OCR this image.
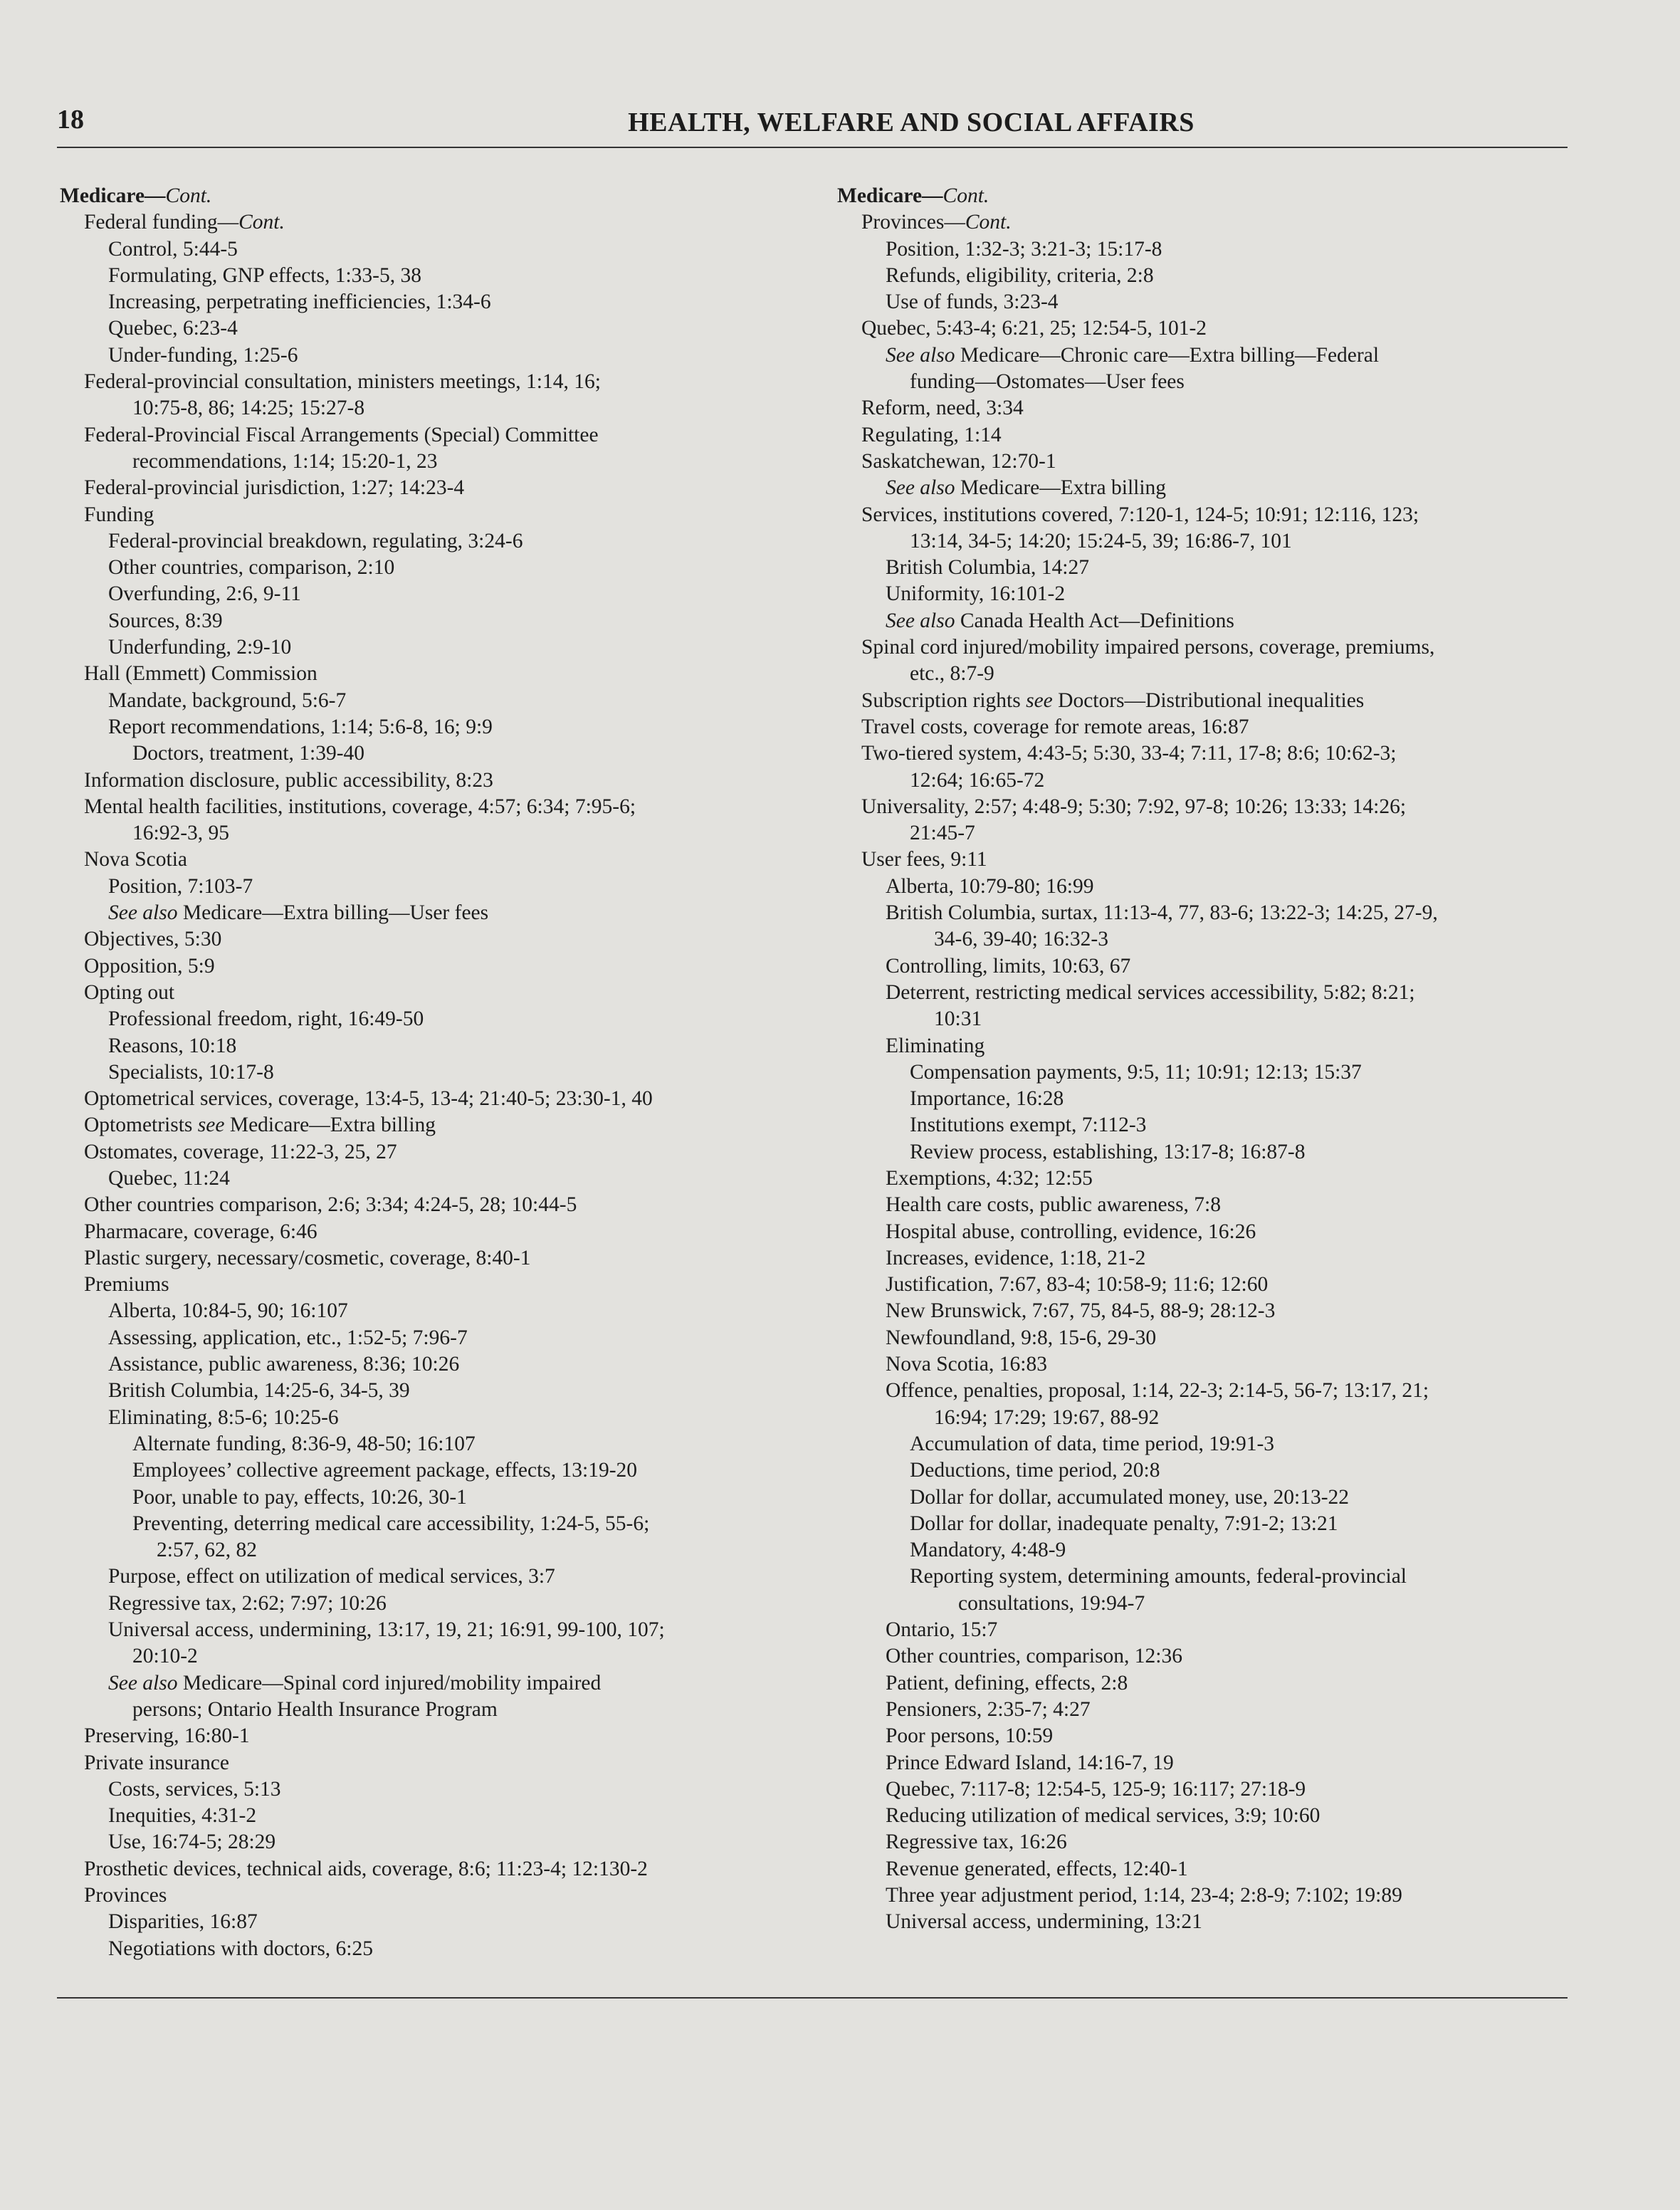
18	HEALTH, WELFARE AND SOCIAL AFFAIRS

Medicare—Cont.

Federal funding—Cont.

Control, 5:44-5

Formulating, GNP effects, 1:33-5, 38

Increasing, perpetrating inefficiencies, 1:34-6

Quebec, 6:23-4

Under-funding, 1:25-6

Federal-provincial consultation, ministers meetings, 1:14, 16;

10:75-8, 86; 14:25; 15:27-8

Federal-Provincial Fiscal Arrangements (Special) Committee

recommendations, 1:14; 15:20-1, 23

Federal-provincial jurisdiction, 1:27; 14:23-4

Funding

Federal-provincial breakdown, regulating, 3:24-6

Other countries, comparison, 2:10

Overfunding, 2:6, 9-11

Sources, 8:39

Underfunding, 2:9-10

Hall (Emmett) Commission

Mandate, background, 5:6-7

Report recommendations, 1:14; 5:6-8, 16; 9:9

Doctors, treatment, 1:39-40

Information disclosure, public accessibility, 8:23

Mental health facilities, institutions, coverage, 4:57; 6:34; 7:95-6;

16:92-3, 95

Nova Scotia

Position, 7:103-7

See also Medicare—Extra billing—User fees

Objectives, 5:30

Opposition, 5:9

Opting out

Professional freedom, right, 16:49-50

Reasons, 10:18

Specialists, 10:17-8

Optometrical services, coverage, 13:4-5, 13-4; 21:40-5; 23:30-1, 40

Optometrists see Medicare—Extra billing

Ostomates, coverage, 11:22-3, 25, 27

Quebec, 11:24

Other countries comparison, 2:6; 3:34; 4:24-5, 28; 10:44-5

Pharmacare, coverage, 6:46

Plastic surgery, necessary/cosmetic, coverage, 8:40-1

Premiums

Alberta, 10:84-5, 90; 16:107

Assessing, application, etc., 1:52-5; 7:96-7

Assistance, public awareness, 8:36; 10:26

British Columbia, 14:25-6, 34-5, 39

Eliminating, 8:5-6; 10:25-6

Alternate funding, 8:36-9, 48-50; 16:107

Employees’ collective agreement package, effects, 13:19-20

Poor, unable to pay, effects, 10:26, 30-1

Preventing, deterring medical care accessibility, 1:24-5, 55-6;

2:57, 62, 82

Purpose, effect on utilization of medical services, 3:7

Regressive tax, 2:62; 7:97; 10:26

Universal access, undermining, 13:17, 19, 21; 16:91, 99-100, 107;

20:10-2

See also Medicare—Spinal cord injured/mobility impaired

persons; Ontario Health Insurance Program

Preserving, 16:80-1

Private insurance

Costs, services, 5:13

Inequities, 4:31-2

Use, 16:74-5; 28:29

Prosthetic devices, technical aids, coverage, 8:6; 11:23-4; 12:130-2

Provinces

Disparities, 16:87

Negotiations with doctors, 6:25

Medicare—Cont.

Provinces—Cont.

Position, 1:32-3; 3:21-3; 15:17-8

Refunds, eligibility, criteria, 2:8

Use of funds, 3:23-4

Quebec, 5:43-4; 6:21, 25; 12:54-5, 101-2

See also Medicare—Chronic care—Extra billing—Federal

funding—Ostomates—User fees

Reform, need, 3:34

Regulating, 1:14

Saskatchewan, 12:70-1

See also Medicare—Extra billing

Services, institutions covered, 7:120-1, 124-5; 10:91; 12:116, 123;

13:14, 34-5; 14:20; 15:24-5, 39; 16:86-7, 101

British Columbia, 14:27

Uniformity, 16:101-2

See also Canada Health Act—Definitions

Spinal cord injured/mobility impaired persons, coverage, premiums,

etc., 8:7-9

Subscription rights see Doctors—Distributional inequalities

Travel costs, coverage for remote areas, 16:87

Two-tiered system, 4:43-5; 5:30, 33-4; 7:11, 17-8; 8:6; 10:62-3;

12:64; 16:65-72

Universality, 2:57; 4:48-9; 5:30; 7:92, 97-8; 10:26; 13:33; 14:26;

21:45-7

User fees, 9:11

Alberta, 10:79-80; 16:99

British Columbia, surtax, 11:13-4, 77, 83-6; 13:22-3; 14:25, 27-9,

34-6, 39-40; 16:32-3

Controlling, limits, 10:63, 67

Deterrent, restricting medical services accessibility, 5:82; 8:21;

10:31

Eliminating

Compensation payments, 9:5, 11; 10:91; 12:13; 15:37

Importance, 16:28

Institutions exempt, 7:112-3

Review process, establishing, 13:17-8; 16:87-8

Exemptions, 4:32; 12:55

Health care costs, public awareness, 7:8

Hospital abuse, controlling, evidence, 16:26

Increases, evidence, 1:18, 21-2

Justification, 7:67, 83-4; 10:58-9; 11:6; 12:60

New Brunswick, 7:67, 75, 84-5, 88-9; 28:12-3

Newfoundland, 9:8, 15-6, 29-30

Nova Scotia, 16:83

Offence, penalties, proposal, 1:14, 22-3; 2:14-5, 56-7; 13:17, 21;

16:94; 17:29; 19:67, 88-92

Accumulation of data, time period, 19:91-3

Deductions, time period, 20:8

Dollar for dollar, accumulated money, use, 20:13-22

Dollar for dollar, inadequate penalty, 7:91-2; 13:21

Mandatory, 4:48-9

Reporting system, determining amounts, federal-provincial

consultations, 19:94-7

Ontario, 15:7

Other countries, comparison, 12:36

Patient, defining, effects, 2:8

Pensioners, 2:35-7; 4:27

Poor persons, 10:59

Prince Edward Island, 14:16-7, 19

Quebec, 7:117-8; 12:54-5, 125-9; 16:117; 27:18-9

Reducing utilization of medical services, 3:9; 10:60

Regressive tax, 16:26

Revenue generated, effects, 12:40-1

Three year adjustment period, 1:14, 23-4; 2:8-9; 7:102; 19:89

Universal access, undermining, 13:21
